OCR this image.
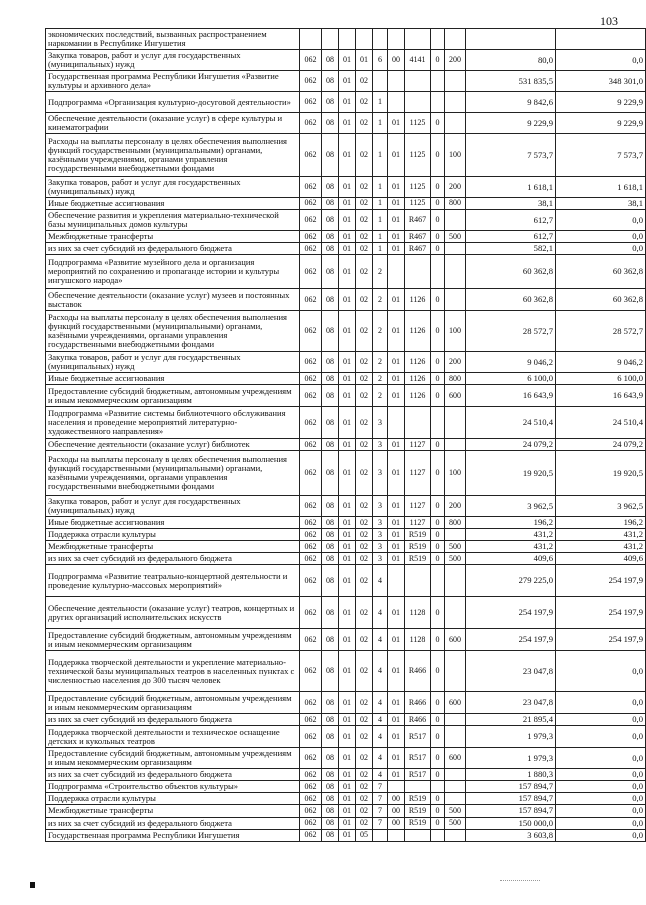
103
экономических последствий, вызванных распространением наркомании в Республике Ингушетия											
Закупка товаров, работ и услуг для государственных (муниципальных) нужд	062	08	01	01	6	00	4141	0	200	80,0	0,0
Государственная программа Республики Ингушетия «Развитие культуры и архивного дела»	062	08	01	02						531 835,5	348 301,0
Подпрограмма «Организация культурно-досуговой деятельности»	062	08	01	02	1					9 842,6	9 229,9
Обеспечение деятельности (оказание услуг) в сфере культуры и кинематографии	062	08	01	02	1	01	1125	0		9 229,9	9 229,9
Расходы на выплаты персоналу в целях обеспечения выполнения функций государственными (муниципальными) органами, казёнными учреждениями, органами управления государственными внебюджетными фондами	062	08	01	02	1	01	1125	0	100	7 573,7	7 573,7
Закупка товаров, работ и услуг для государственных (муниципальных) нужд	062	08	01	02	1	01	1125	0	200	1 618,1	1 618,1
Иные бюджетные ассигнования	062	08	01	02	1	01	1125	0	800	38,1	38,1
Обеспечение развития и укрепления материально-технической базы муниципальных домов культуры	062	08	01	02	1	01	R467	0		612,7	0,0
Межбюджетные трансферты	062	08	01	02	1	01	R467	0	500	612,7	0,0
из них за счет субсидий из федерального бюджета	062	08	01	02	1	01	R467	0		582,1	0,0
Подпрограмма «Развитие музейного дела и организация мероприятий по сохранению и пропаганде истории и культуры ингушского народа»	062	08	01	02	2					60 362,8	60 362,8
Обеспечение деятельности (оказание услуг) музеев и постоянных выставок	062	08	01	02	2	01	1126	0		60 362,8	60 362,8
Расходы на выплаты персоналу в целях обеспечения выполнения функций государственными (муниципальными) органами, казёнными учреждениями, органами управления государственными внебюджетными фондами	062	08	01	02	2	01	1126	0	100	28 572,7	28 572,7
Закупка товаров, работ и услуг для государственных (муниципальных) нужд	062	08	01	02	2	01	1126	0	200	9 046,2	9 046,2
Иные бюджетные ассигнования	062	08	01	02	2	01	1126	0	800	6 100,0	6 100,0
Предоставление субсидий бюджетным, автономным учреждениям и иным некоммерческим организациям	062	08	01	02	2	01	1126	0	600	16 643,9	16 643,9
Подпрограмма «Развитие системы библиотечного обслуживания населения и проведение мероприятий литературно-художественного направления»	062	08	01	02	3					24 510,4	24 510,4
Обеспечение деятельности (оказание услуг) библиотек	062	08	01	02	3	01	1127	0		24 079,2	24 079,2
Расходы на выплаты персоналу в целях обеспечения выполнения функций государственными (муниципальными) органами, казёнными учреждениями, органами управления государственными внебюджетными фондами	062	08	01	02	3	01	1127	0	100	19 920,5	19 920,5
Закупка товаров, работ и услуг для государственных (муниципальных) нужд	062	08	01	02	3	01	1127	0	200	3 962,5	3 962,5
Иные бюджетные ассигнования	062	08	01	02	3	01	1127	0	800	196,2	196,2
Поддержка отрасли культуры	062	08	01	02	3	01	R519	0		431,2	431,2
Межбюджетные трансферты	062	08	01	02	3	01	R519	0	500	431,2	431,2
из них за счет субсидий из федерального бюджета	062	08	01	02	3	01	R519	0	500	409,6	409,6
Подпрограмма «Развитие театрально-концертной деятельности и проведение культурно-массовых мероприятий»	062	08	01	02	4					279 225,0	254 197,9
Обеспечение деятельности (оказание услуг) театров, концертных и других организаций исполнительских искусств	062	08	01	02	4	01	1128	0		254 197,9	254 197,9
Предоставление субсидий бюджетным, автономным учреждениям и иным некоммерческим организациям	062	08	01	02	4	01	1128	0	600	254 197,9	254 197,9
Поддержка творческой деятельности и укрепление материально-технической базы муниципальных театров в населенных пунктах с численностью населения до 300 тысяч человек	062	08	01	02	4	01	R466	0		23 047,8	0,0
Предоставление субсидий бюджетным, автономным учреждениям и иным некоммерческим организациям	062	08	01	02	4	01	R466	0	600	23 047,8	0,0
из них за счет субсидий из федерального бюджета	062	08	01	02	4	01	R466	0		21 895,4	0,0
Поддержка творческой деятельности и техническое оснащение детских и кукольных театров	062	08	01	02	4	01	R517	0		1 979,3	0,0
Предоставление субсидий бюджетным, автономным учреждениям и иным некоммерческим организациям	062	08	01	02	4	01	R517	0	600	1 979,3	0,0
из них за счет субсидий из федерального бюджета	062	08	01	02	4	01	R517	0		1 880,3	0,0
Подпрограмма «Строительство объектов культуры»	062	08	01	02	7					157 894,7	0,0
Поддержка отрасли культуры	062	08	01	02	7	00	R519	0		157 894,7	0,0
Межбюджетные трансферты	062	08	01	02	7	00	R519	0	500	157 894,7	0,0
из них за счет субсидий из федерального бюджета	062	08	01	02	7	00	R519	0	500	150 000,0	0,0
Государственная программа Республики Ингушетия	062	08	01	05						3 603,8	0,0
